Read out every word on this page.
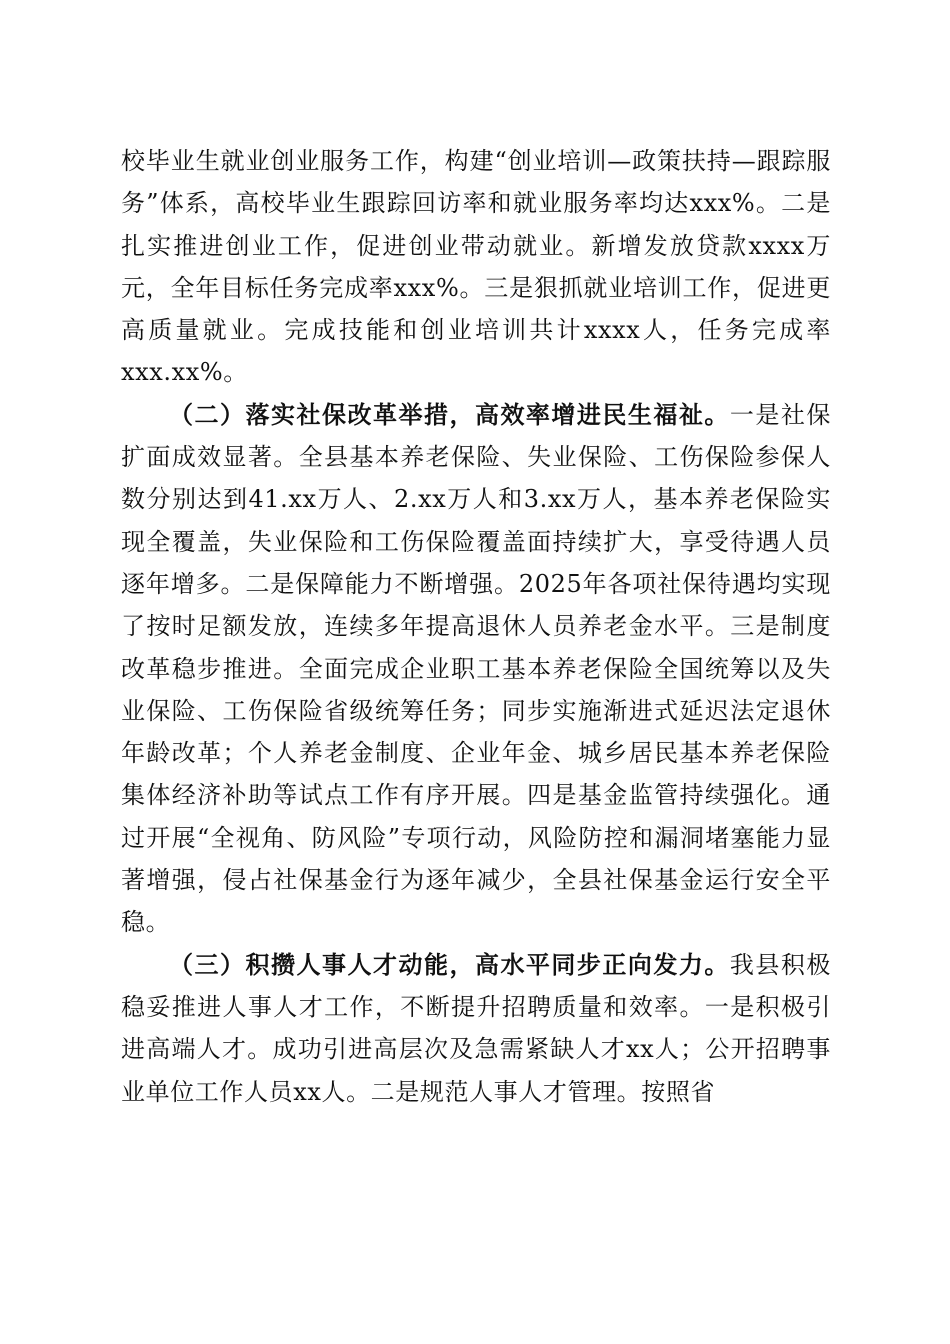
校毕业生就业创业服务工作，构建“创业培训—政策扶持—跟踪服务”体系，高校毕业生跟踪回访率和就业服务率均达xxx%。二是扎实推进创业工作，促进创业带动就业。新增发放贷款xxxx万元，全年目标任务完成率xxx%。三是狠抓就业培训工作，促进更高质量就业。完成技能和创业培训共计xxxx人，任务完成率xxx.xx%。

（二）落实社保改革举措，高效率增进民生福祉。一是社保扩面成效显著。全县基本养老保险、失业保险、工伤保险参保人数分别达到41.xx万人、2.xx万人和3.xx万人，基本养老保险实现全覆盖，失业保险和工伤保险覆盖面持续扩大，享受待遇人员逐年增多。二是保障能力不断增强。2025年各项社保待遇均实现了按时足额发放，连续多年提高退休人员养老金水平。三是制度改革稳步推进。全面完成企业职工基本养老保险全国统筹以及失业保险、工伤保险省级统筹任务；同步实施渐进式延迟法定退休年龄改革；个人养老金制度、企业年金、城乡居民基本养老保险集体经济补助等试点工作有序开展。四是基金监管持续强化。通过开展“全视角、防风险”专项行动，风险防控和漏洞堵塞能力显著增强，侵占社保基金行为逐年减少，全县社保基金运行安全平稳。

（三）积攒人事人才动能，高水平同步正向发力。我县积极稳妥推进人事人才工作，不断提升招聘质量和效率。一是积极引进高端人才。成功引进高层次及急需紧缺人才xx人；公开招聘事业单位工作人员xx人。二是规范人事人才管理。按照省
